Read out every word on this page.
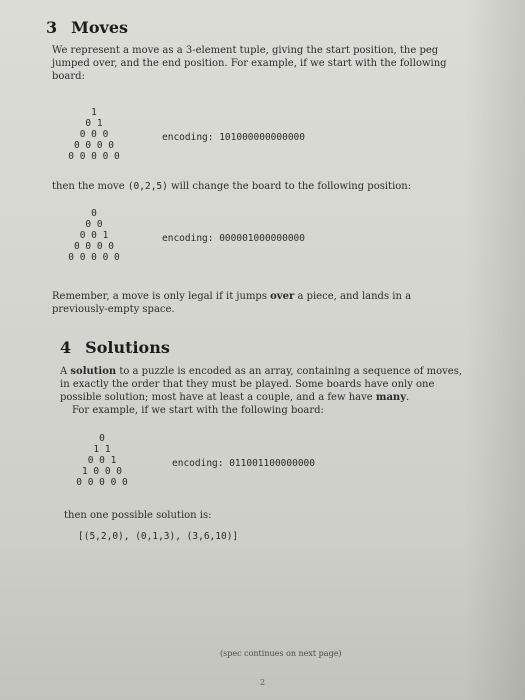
3 Moves

We represent a move as a 3-element tuple, giving the start position, the peg
jumped over, and the end position. For example, if we start with the following
board:

1
0 1
0 0 0
0 0 0 0
0 0 0 0 0
encoding: 101000000000000

then the move (0,2,5) will change the board to the following position:

0
0 0
0 0 1
0 0 0 0
0 0 0 0 0
encoding: 000001000000000

Remember, a move is only legal if it jumps over a piece, and lands in a
previously-empty space.

4 Solutions

A solution to a puzzle is encoded as an array, containing a sequence of moves,
in exactly the order that they must be played. Some boards have only one
possible solution; most have at least a couple, and a few have many.
For example, if we start with the following board:

0
1 1
0 0 1
1 0 0 0
0 0 0 0 0
encoding: 011001100000000

then one possible solution is:

[(5,2,0), (0,1,3), (3,6,10)]
(spec continues on next page)
2
